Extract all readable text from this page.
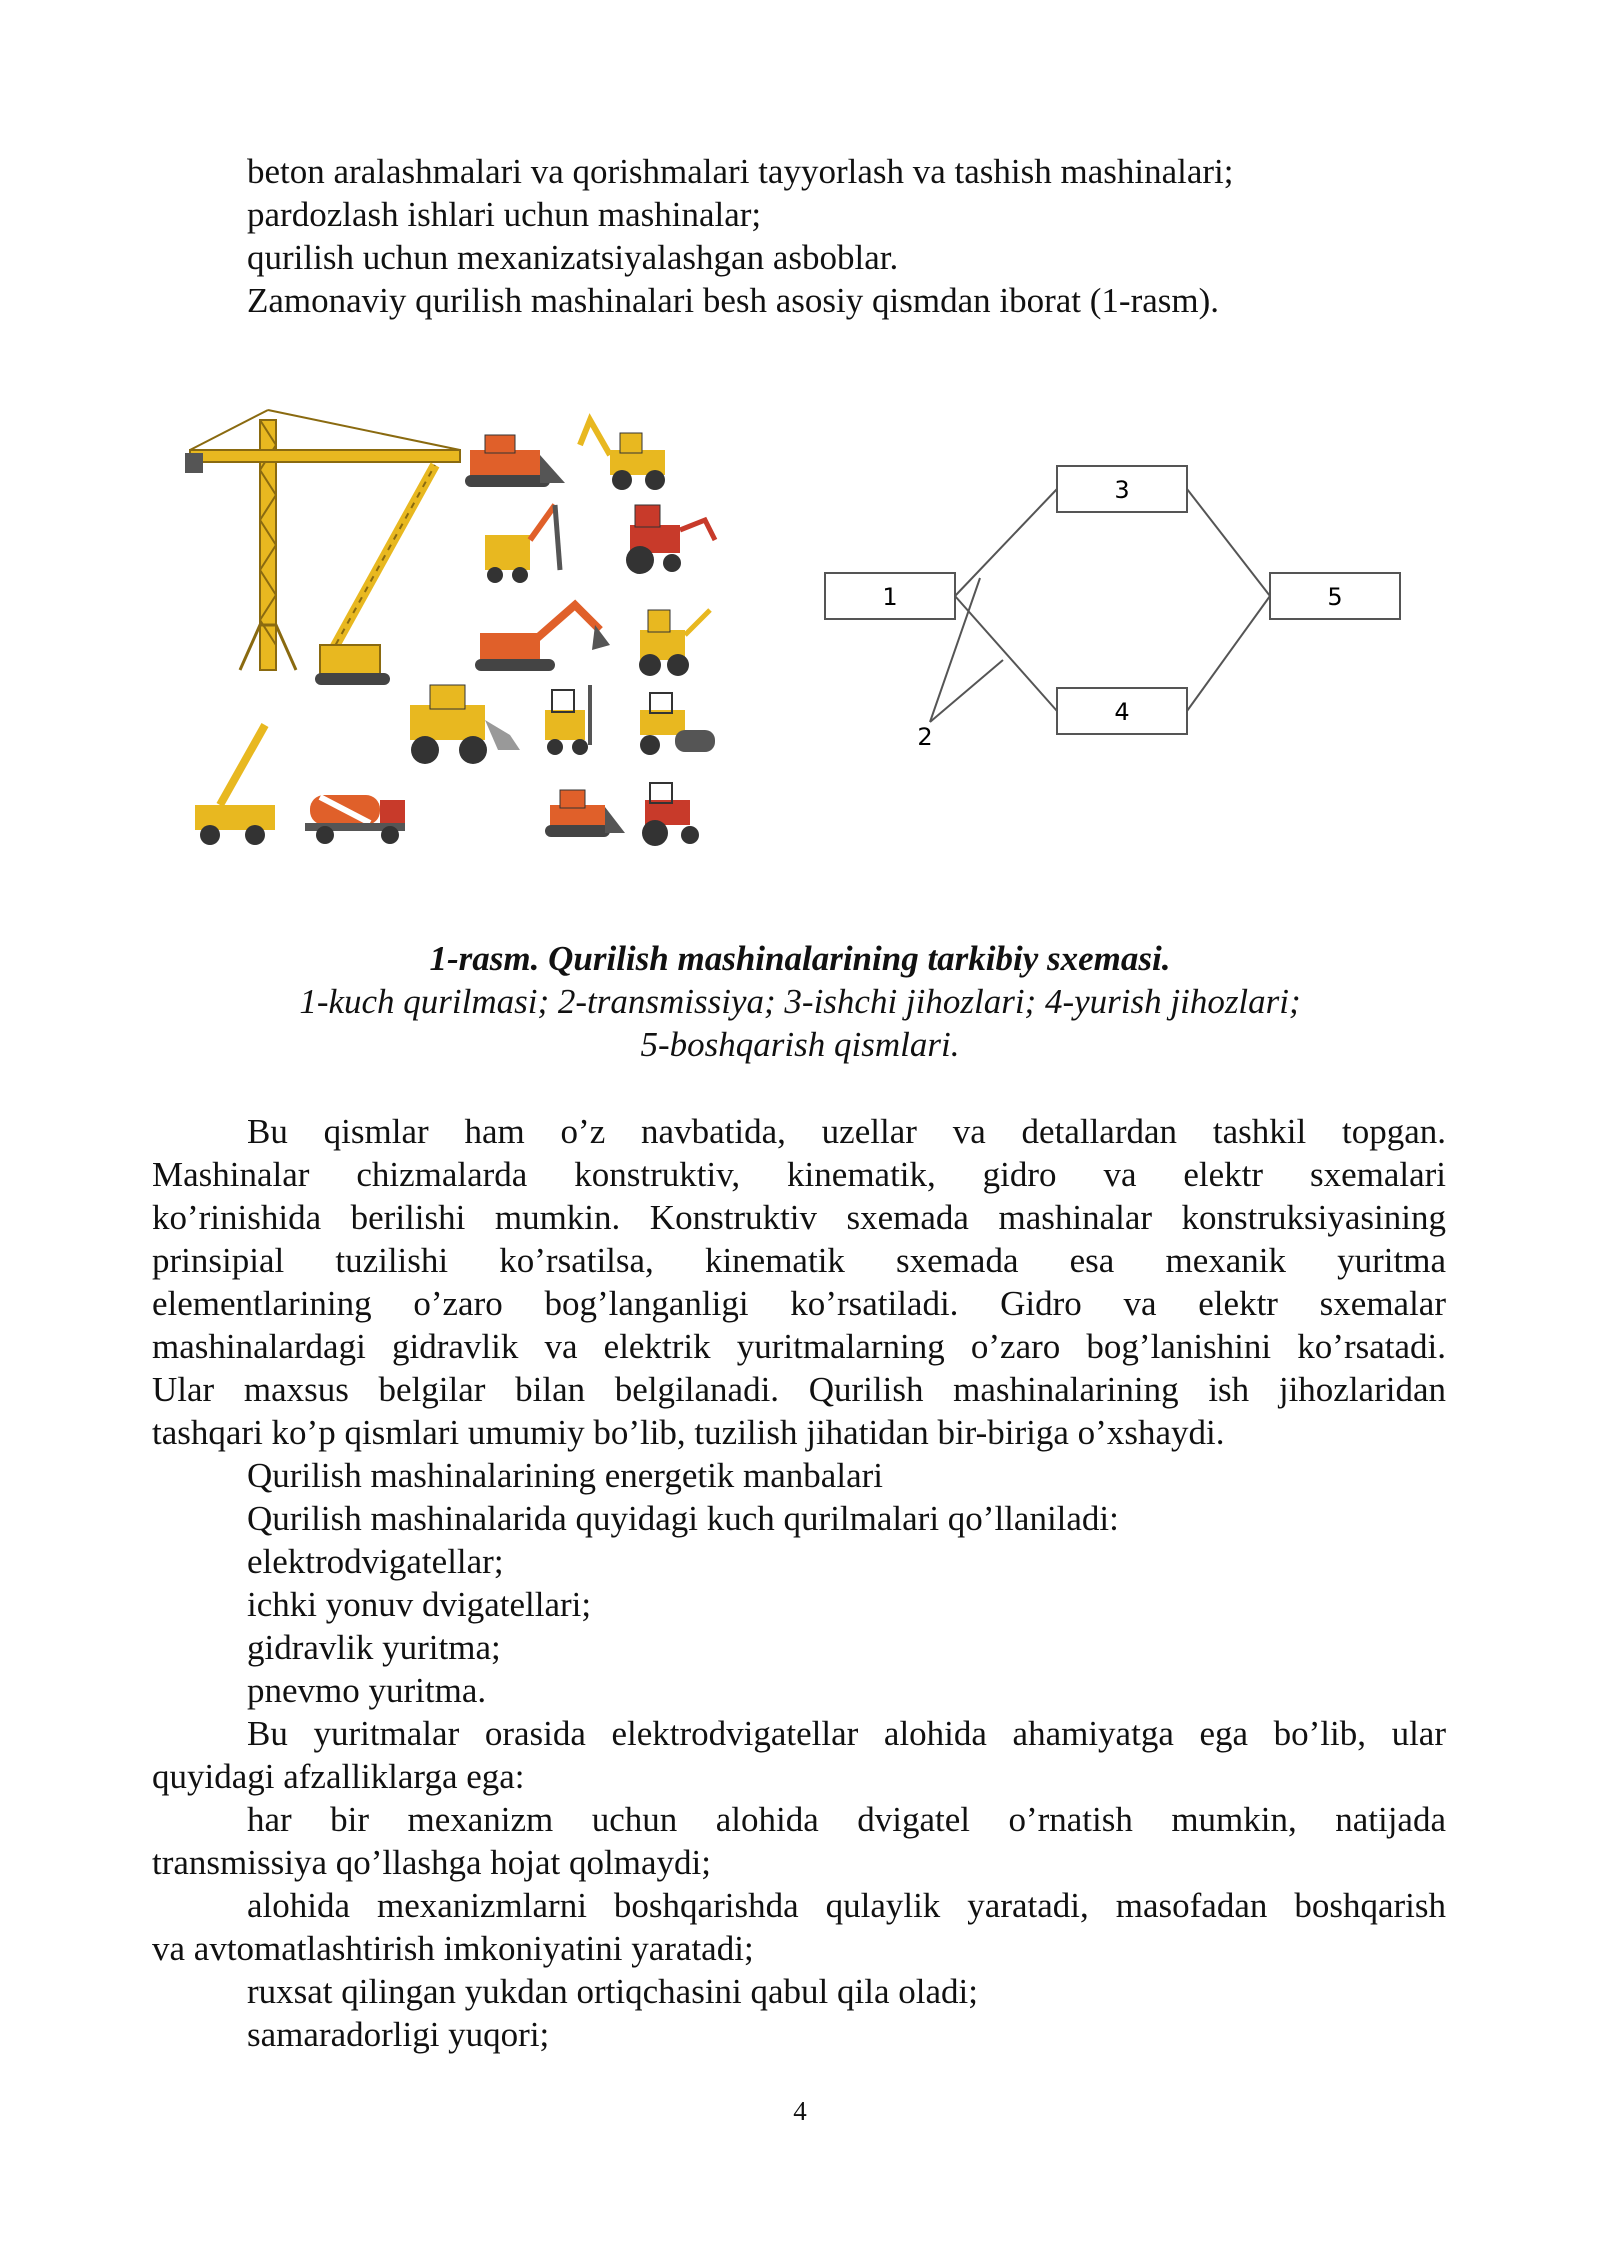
beton aralashmalari va qorishmalari tayyorlash va tashish mashinalari;
pardozlash ishlari uchun mashinalar;
qurilish uchun mexanizatsiyalashgan asboblar.
Zamonaviy qurilish mashinalari besh asosiy qismdan iborat (1-rasm).
1
3
4
5
2
1-rasm. Qurilish mashinalarining tarkibiy sxemasi.
1-kuch qurilmasi; 2-transmissiya; 3-ishchi jihozlari; 4-yurish jihozlari;
5-boshqarish qismlari.
Bu qismlar ham o’z navbatida, uzellar va detallardan tashkil topgan.
Mashinalar chizmalarda konstruktiv, kinematik, gidro va elektr sxemalari
ko’rinishida berilishi mumkin. Konstruktiv sxemada mashinalar konstruksiyasining
prinsipial tuzilishi ko’rsatilsa, kinematik sxemada esa mexanik yuritma
elementlarining o’zaro bog’langanligi ko’rsatiladi. Gidro va elektr sxemalar
mashinalardagi gidravlik va elektrik yuritmalarning o’zaro bog’lanishini ko’rsatadi.
Ular maxsus belgilar bilan belgilanadi. Qurilish mashinalarining ish jihozlaridan
tashqari ko’p qismlari umumiy bo’lib, tuzilish jihatidan bir-biriga o’xshaydi.
Qurilish mashinalarining energetik manbalari
Qurilish mashinalarida quyidagi kuch qurilmalari qo’llaniladi:
elektrodvigatellar;
ichki yonuv dvigatellari;
gidravlik yuritma;
pnevmo yuritma.
Bu yuritmalar orasida elektrodvigatellar alohida ahamiyatga ega bo’lib, ular
quyidagi afzalliklarga ega:
har bir mexanizm uchun alohida dvigatel o’rnatish mumkin, natijada
transmissiya qo’llashga hojat qolmaydi;
alohida mexanizmlarni boshqarishda qulaylik yaratadi, masofadan boshqarish
va avtomatlashtirish imkoniyatini yaratadi;
ruxsat qilingan yukdan ortiqchasini qabul qila oladi;
samaradorligi yuqori;
4
